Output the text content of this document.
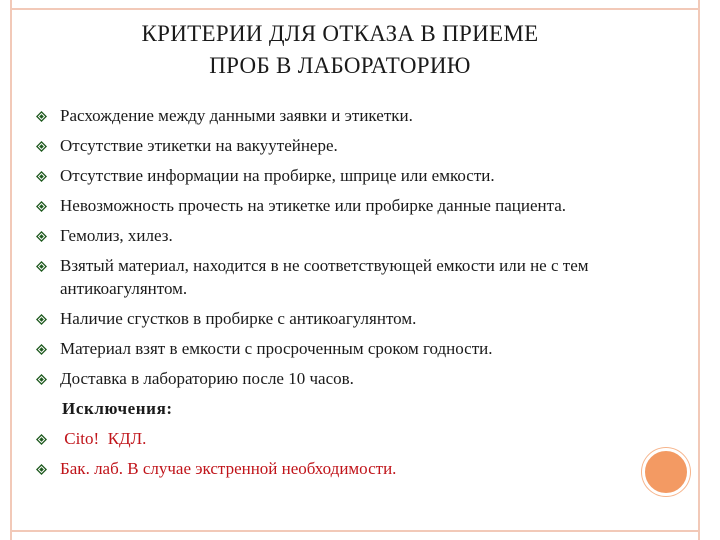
КРИТЕРИИ ДЛЯ ОТКАЗА В ПРИЕМЕ
ПРОБ В ЛАБОРАТОРИЮ
Расхождение между данными заявки и этикетки.
Отсутствие этикетки на вакуутейнере.
Отсутствие информации на пробирке, шприце или емкости.
Невозможность прочесть на этикетке или пробирке данные пациента.
Гемолиз, хилез.
Взятый материал, находится в не соответствующей емкости или не с тем антикоагулянтом.
Наличие сгустков в пробирке с антикоагулянтом.
Материал взят в емкости с просроченным сроком годности.
Доставка в лабораторию после 10 часов.
Исключения:
Cito!  КДЛ.
Бак. лаб. В случае экстренной необходимости.
